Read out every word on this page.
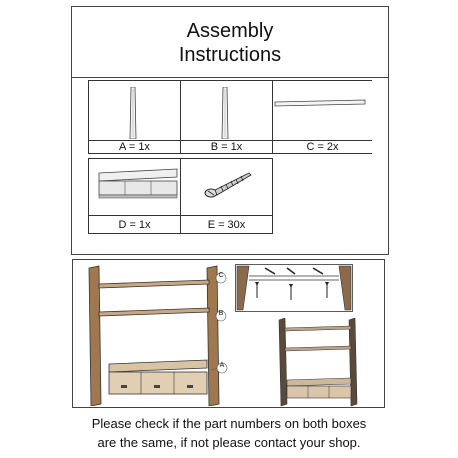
Assembly
Instructions
A = 1x	B = 1x	C = 2x
D = 1x	E = 30x
C
B
A
Please check if the part numbers on both boxes
are the same, if not please contact your shop.
